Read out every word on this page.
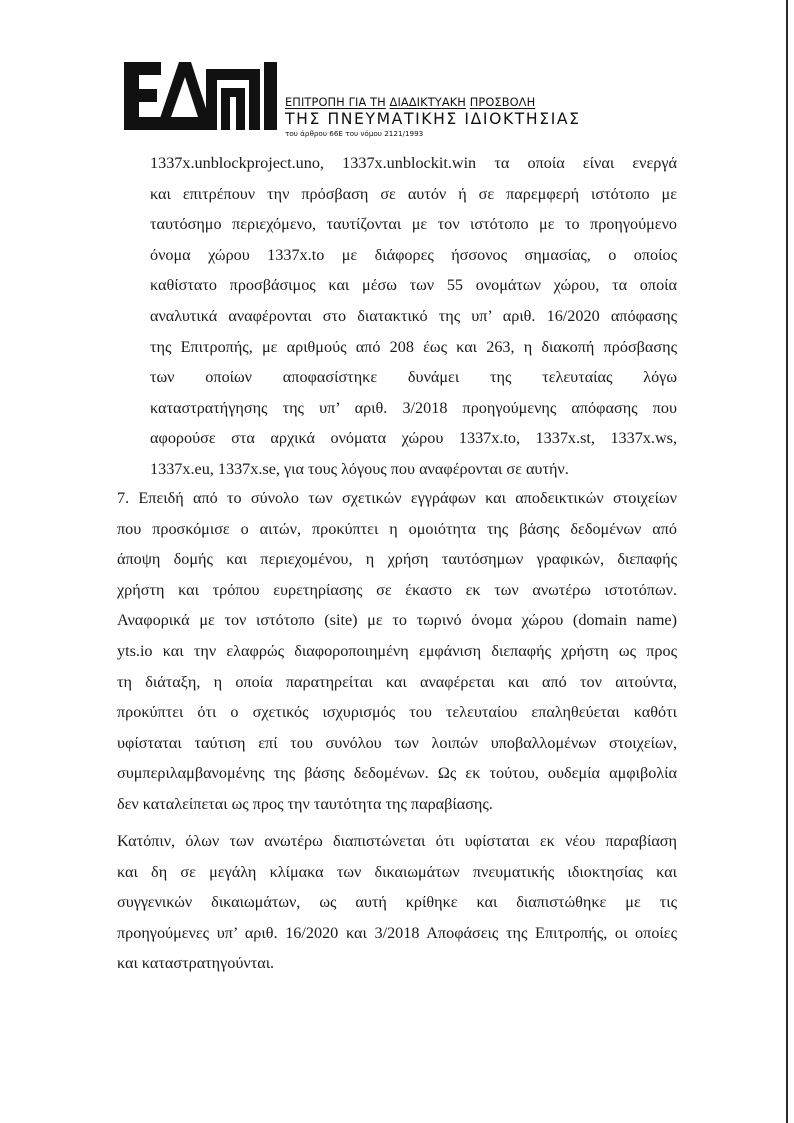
ΕΠΙΤΡΟΠΗ ΓΙΑ ΤΗ ΔΙΑΔΙΚΤΥΑΚΗ ΠΡΟΣΒΟΛΗ
ΤΗΣ ΠΝΕΥΜΑΤΙΚΗΣ ΙΔΙΟΚΤΗΣΙΑΣ
του άρθρου 66Ε του νόμου 2121/1993
1337x.unblockproject.uno, 1337x.unblockit.win τα οποία είναι ενεργά
και επιτρέπουν την πρόσβαση σε αυτόν ή σε παρεμφερή ιστότοπο με
ταυτόσημο περιεχόμενο, ταυτίζονται με τον ιστότοπο με το προηγούμενο
όνομα χώρου 1337x.to με διάφορες ήσσονος σημασίας, ο οποίος
καθίστατο προσβάσιμος και μέσω των 55 ονομάτων χώρου, τα οποία
αναλυτικά αναφέρονται στο διατακτικό της υπ’ αριθ. 16/2020 απόφασης
της Επιτροπής, με αριθμούς από 208 έως και 263, η διακοπή πρόσβασης
των οποίων αποφασίστηκε δυνάμει της τελευταίας λόγω
καταστρατήγησης της υπ’ αριθ. 3/2018 προηγούμενης απόφασης που
αφορούσε στα αρχικά ονόματα χώρου 1337x.to, 1337x.st, 1337x.ws,
1337x.eu, 1337x.se, για τους λόγους που αναφέρονται σε αυτήν.
7. Επειδή από το σύνολο των σχετικών εγγράφων και αποδεικτικών στοιχείων
που προσκόμισε ο αιτών, προκύπτει η ομοιότητα της βάσης δεδομένων από
άποψη δομής και περιεχομένου, η χρήση ταυτόσημων γραφικών, διεπαφής
χρήστη και τρόπου ευρετηρίασης σε έκαστο εκ των ανωτέρω ιστοτόπων.
Αναφορικά με τον ιστότοπο (site) με το τωρινό όνομα χώρου (domain name)
yts.io και την ελαφρώς διαφοροποιημένη εμφάνιση διεπαφής χρήστη ως προς
τη διάταξη, η οποία παρατηρείται και αναφέρεται και από τον αιτούντα,
προκύπτει ότι ο σχετικός ισχυρισμός του τελευταίου επαληθεύεται καθότι
υφίσταται ταύτιση επί του συνόλου των λοιπών υποβαλλομένων στοιχείων,
συμπεριλαμβανομένης της βάσης δεδομένων. Ως εκ τούτου, ουδεμία αμφιβολία
δεν καταλείπεται ως προς την ταυτότητα της παραβίασης.
Κατόπιν, όλων των ανωτέρω διαπιστώνεται ότι υφίσταται εκ νέου παραβίαση
και δη σε μεγάλη κλίμακα των δικαιωμάτων πνευματικής ιδιοκτησίας και
συγγενικών δικαιωμάτων, ως αυτή κρίθηκε και διαπιστώθηκε με τις
προηγούμενες υπ’ αριθ. 16/2020 και 3/2018 Αποφάσεις της Επιτροπής, οι οποίες
και καταστρατηγούνται.
